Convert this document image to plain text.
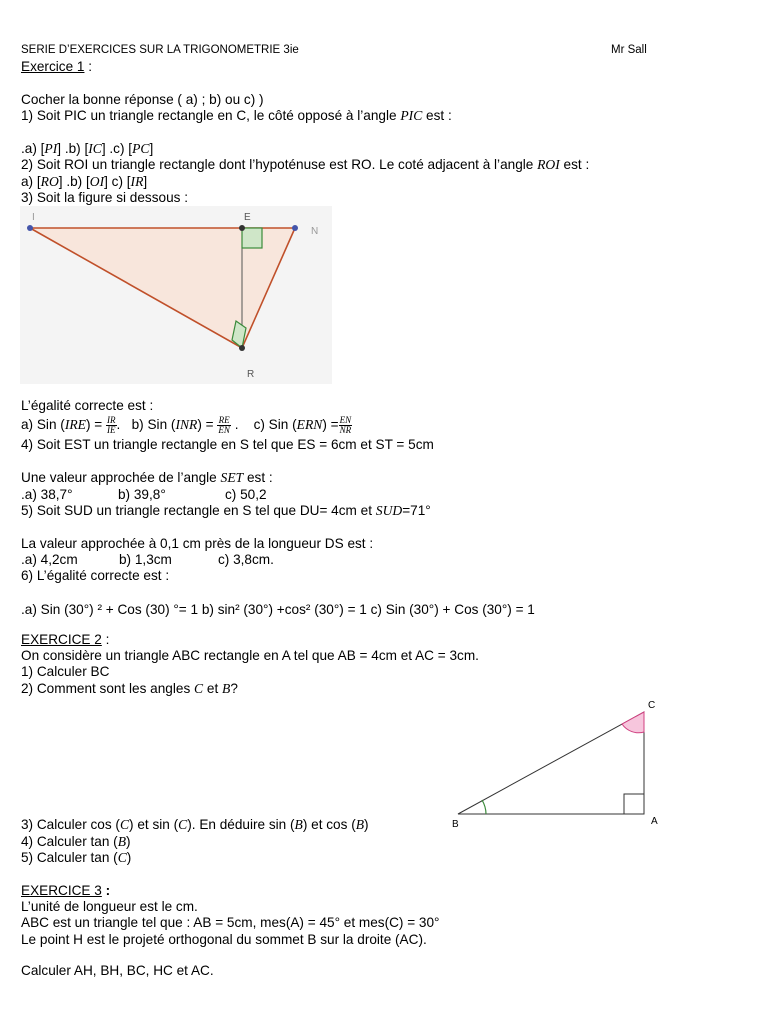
SERIE D’EXERCICES SUR LA TRIGONOMETRIE 3ie	Mr Sall
Exercice 1 :
Cocher la bonne réponse ( a) ; b) ou c) )
1) Soit PIC un triangle rectangle en C, le côté opposé à l’angle PIC est :
.a) [PI] .b) [IC] .c) [PC]
2) Soit ROI un triangle rectangle dont l’hypoténuse est RO. Le coté adjacent à l’angle ROI est :
a) [RO] .b) [OI] c) [IR]
3) Soit la figure si dessous :
I	E
N
R
L’égalité correcte est :
a) Sin $(IRE) = \frac{IR}{IE}$ . b) Sin $(INR) = \frac{RE}{EN}$ . c) Sin $(ERN) = \frac{EN}{NR}$
4) Soit EST un triangle rectangle en S tel que ES = 6cm et ST = 5cm
Une valeur approchée de l’angle SET est :
.a) 38,7°	b) 39,8°	c) 50,2
5) Soit SUD un triangle rectangle en S tel que DU= 4cm et SUD=71°
La valeur approchée à 0,1 cm près de la longueur DS est :
.a) 4,2cm	b) 1,3cm	c) 3,8cm.
6) L’égalité correcte est :
.a) Sin (30°) ² + Cos (30) °= 1 b) sin² (30°) +cos² (30°) = 1 c) Sin (30°) + Cos (30°) = 1
EXERCICE 2 :
On considère un triangle ABC rectangle en A tel que AB = 4cm et AC = 3cm.
1) Calculer BC
2) Comment sont les angles C et B?
C
A
B
3) Calculer cos (C) et sin (C). En déduire sin (B) et cos (B)
4) Calculer tan (B)
5) Calculer tan (C)
EXERCICE 3 :
L’unité de longueur est le cm.
ABC est un triangle tel que : AB = 5cm, mes(A) = 45° et mes(C) = 30°
Le point H est le projeté orthogonal du sommet B sur la droite (AC).
Calculer AH, BH, BC, HC et AC.
